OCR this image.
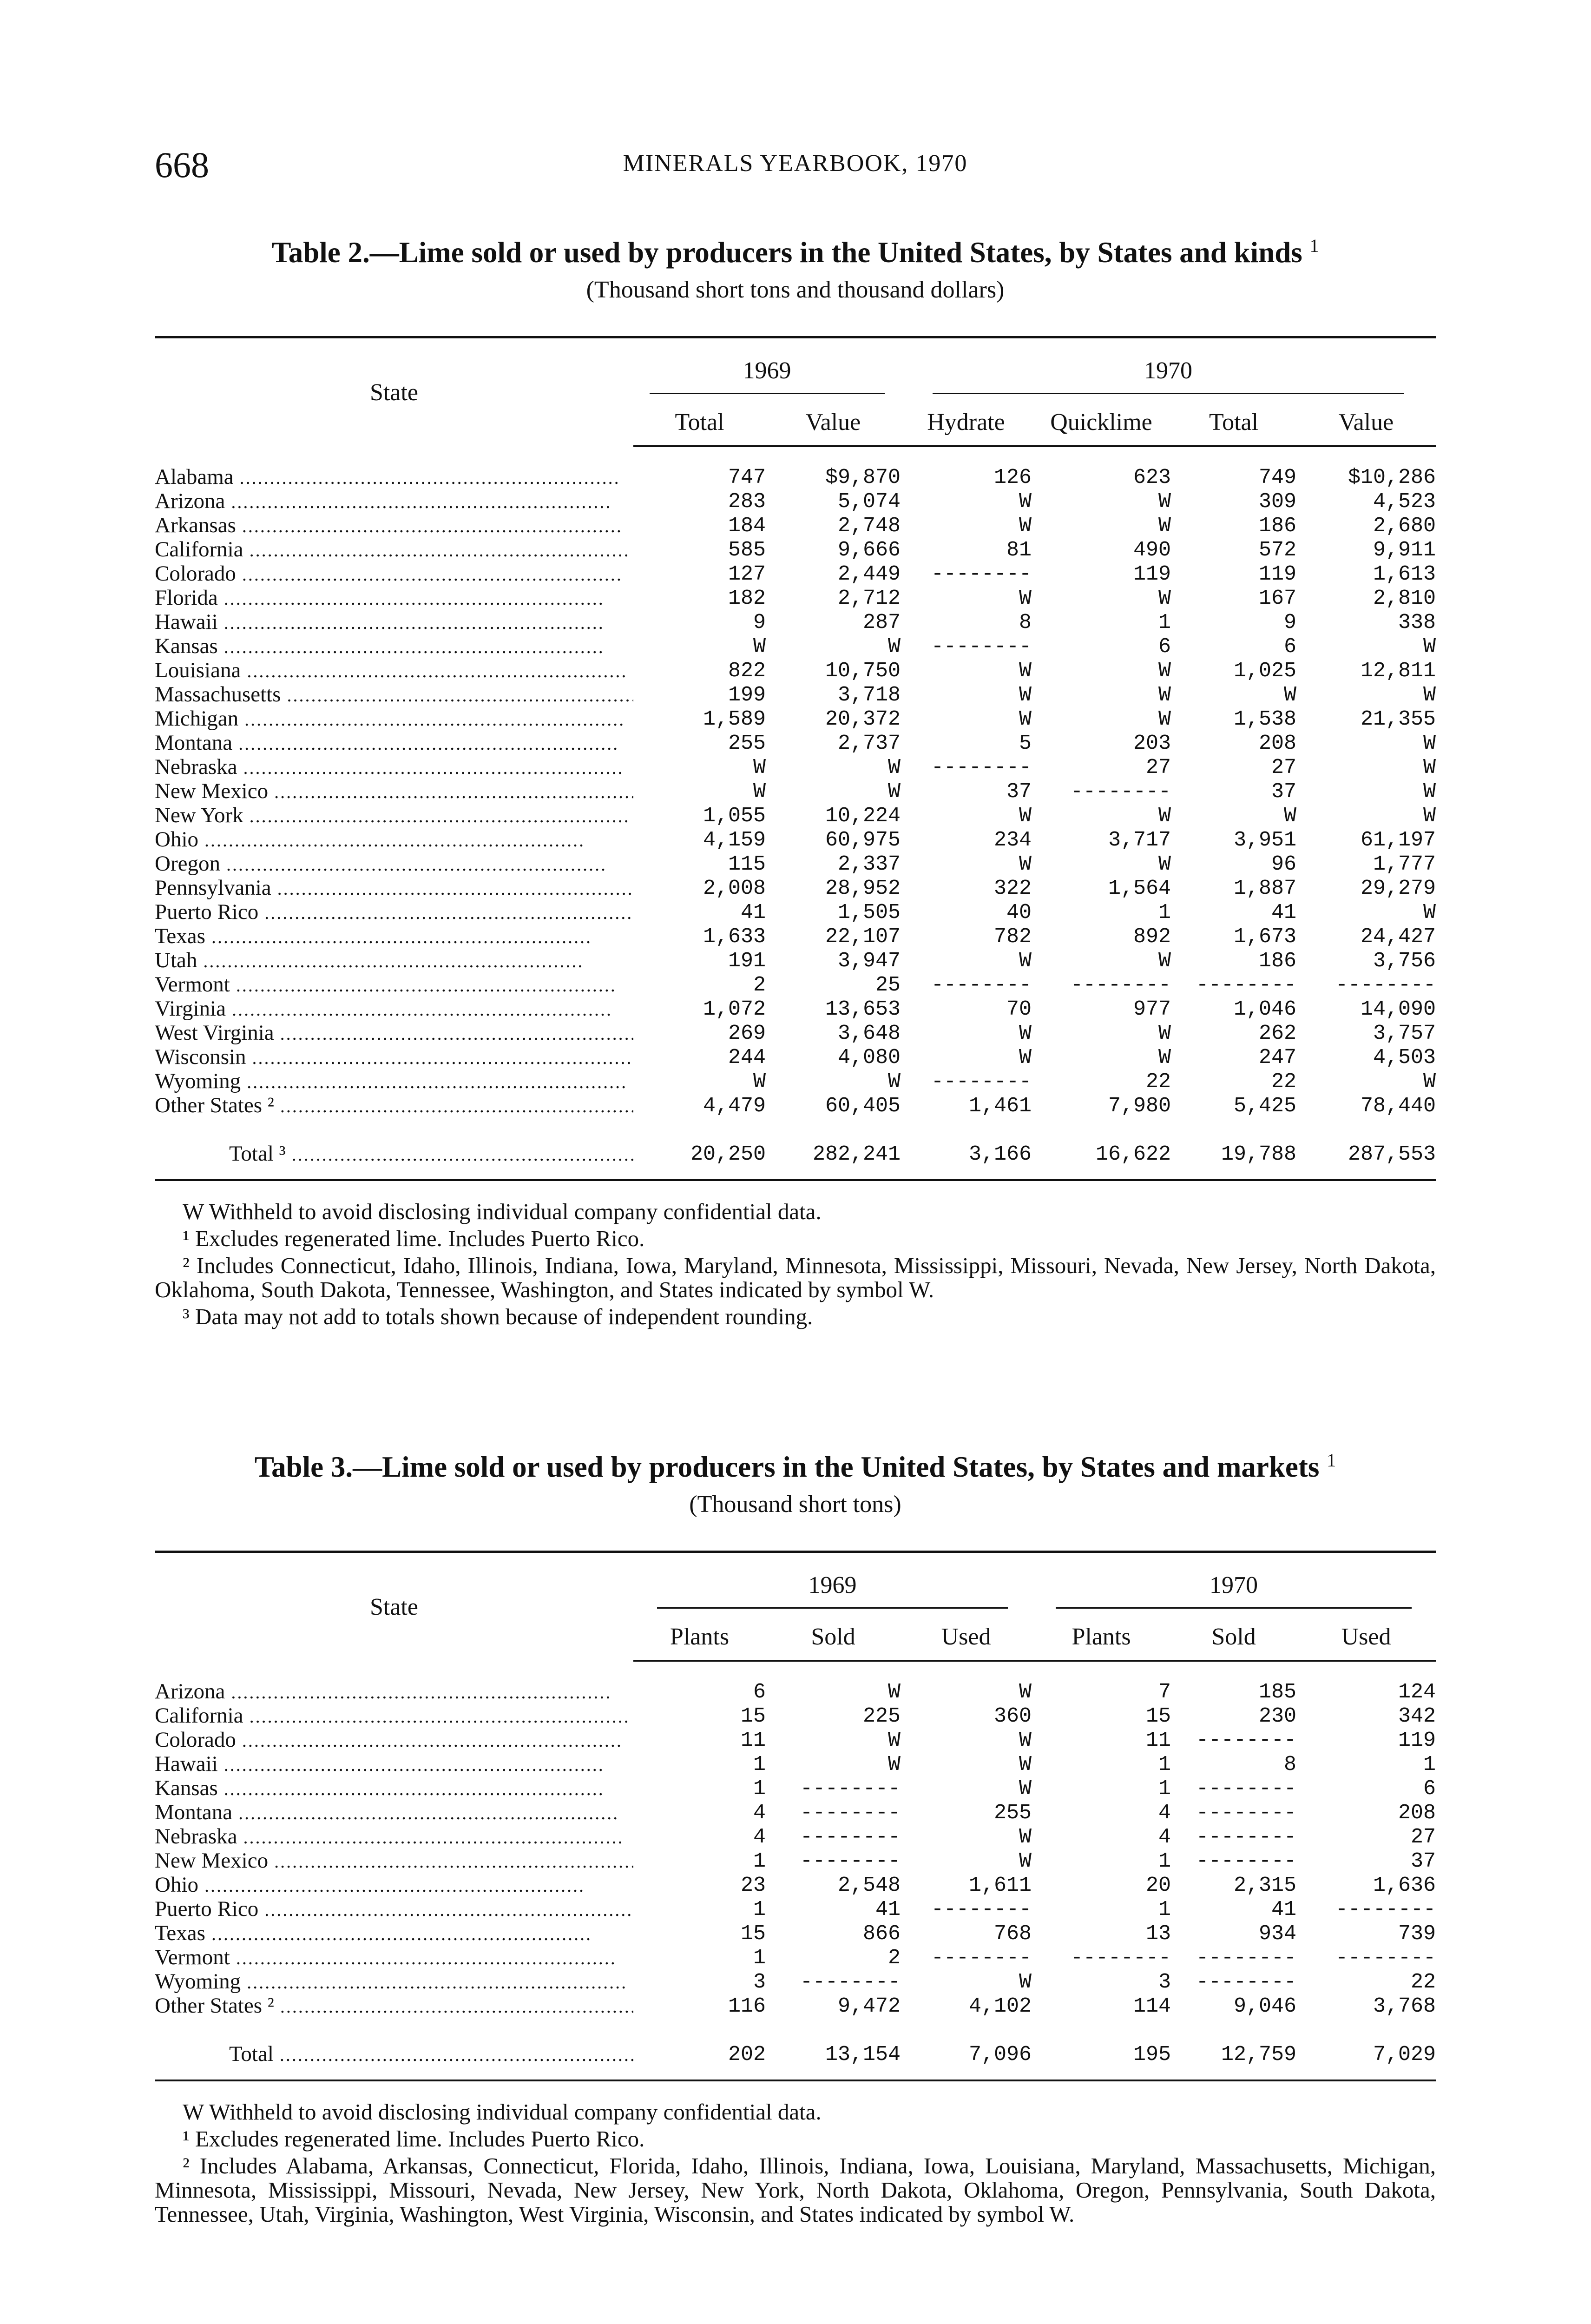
668	MINERALS YEARBOOK, 1970
Table 2.—Lime sold or used by producers in the United States, by States and kinds $^1$
(Thousand short tons and thousand dollars)
State	1969		1970			
	Total	Value	Hydrate	Quicklime	Total	Value
Alabama .....	747	$9,870	126	623	749	$10,286
Arizona .....	283	5,074	W	W	309	4,523
Arkansas .....	184	2,748	W	W	186	2,680
California .....	585	9,666	81	490	572	9,911
Colorado .....	127	2,449	--------	119	119	1,613
Florida .....	182	2,712	W	W	167	2,810
Hawaii .....	9	287	8	1	9	338
Kansas .....	W	W	--------	6	6	W
Louisiana .....	822	10,750	W	W	1,025	12,811
Massachusetts .....	199	3,718	W	W	W	W
Michigan .....	1,589	20,372	W	W	1,538	21,355
Montana .....	255	2,737	5	203	208	W
Nebraska .....	W	W	--------	27	27	W
New Mexico .....	W	W	37	--------	37	W
New York .....	1,055	10,224	W	W	W	W
Ohio .....	4,159	60,975	234	3,717	3,951	61,197
Oregon .....	115	2,337	W	W	96	1,777
Pennsylvania .....	2,008	28,952	322	1,564	1,887	29,279
Puerto Rico .....	41	1,505	40	1	41	W
Texas .....	1,633	22,107	782	892	1,673	24,427
Utah .....	191	3,947	W	W	186	3,756
Vermont .....	2	25	--------	--------	--------	--------
Virginia .....	1,072	13,653	70	977	1,046	14,090
West Virginia .....	269	3,648	W	W	262	3,757
Wisconsin .....	244	4,080	W	W	247	4,503
Wyoming .....	W	W	--------	22	22	W
Other States ² .....	4,479	60,405	1,461	7,980	5,425	78,440
Total ³ .....	20,250	282,241	3,166	16,622	19,788	287,553

W Withheld to avoid disclosing individual company confidential data.

¹ Excludes regenerated lime. Includes Puerto Rico.

² Includes Connecticut, Idaho, Illinois, Indiana, Iowa, Maryland, Minnesota, Mississippi, Missouri, Nevada, New Jersey, North Dakota, Oklahoma, South Dakota, Tennessee, Washington, and States indicated by symbol W.

³ Data may not add to totals shown because of independent rounding.

Table 3.—Lime sold or used by producers in the United States, by States and markets $^1$
(Thousand short tons)
State	1969			1970		
	Plants	Sold	Used	Plants	Sold	Used
Arizona .....	6	W	W	7	185	124
California .....	15	225	360	15	230	342
Colorado .....	11	W	W	11	--------	119
Hawaii .....	1	W	W	1	8	1
Kansas .....	1	--------	W	1	--------	6
Montana .....	4	--------	255	4	--------	208
Nebraska .....	4	--------	W	4	--------	27
New Mexico .....	1	--------	W	1	--------	37
Ohio .....	23	2,548	1,611	20	2,315	1,636
Puerto Rico .....	1	41	--------	1	41	--------
Texas .....	15	866	768	13	934	739
Vermont .....	1	2	--------	--------	--------	--------
Wyoming .....	3	--------	W	3	--------	22
Other States ² .....	116	9,472	4,102	114	9,046	3,768
Total .....	202	13,154	7,096	195	12,759	7,029

W Withheld to avoid disclosing individual company confidential data.

¹ Excludes regenerated lime. Includes Puerto Rico.

² Includes Alabama, Arkansas, Connecticut, Florida, Idaho, Illinois, Indiana, Iowa, Louisiana, Maryland, Massachusetts, Michigan, Minnesota, Mississippi, Missouri, Nevada, New Jersey, New York, North Dakota, Oklahoma, Oregon, Pennsylvania, South Dakota, Tennessee, Utah, Virginia, Washington, West Virginia, Wisconsin, and States indicated by symbol W.
